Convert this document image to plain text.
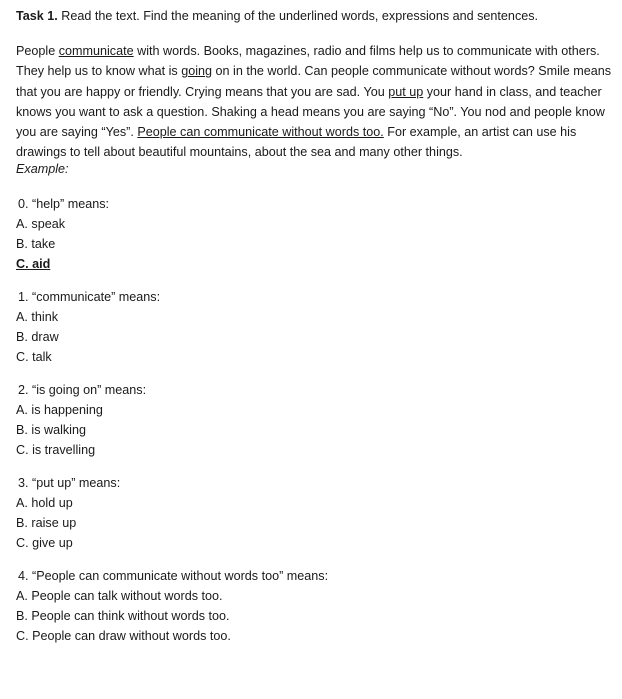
Task 1. Read the text. Find the meaning of the underlined words, expressions and sentences.
People communicate with words. Books, magazines, radio and films help us to communicate with others. They help us to know what is going on in the world. Can people communicate without words? Smile means that you are happy or friendly. Crying means that you are sad. You put up your hand in class, and teacher knows you want to ask a question. Shaking a head means you are saying “No”. You nod and people know you are saying “Yes”. People can communicate without words too. For example, an artist can use his drawings to tell about beautiful mountains, about the sea and many other things.
Example:
0. “help” means:
A. speak
B. take
C. aid
1. “communicate” means:
A. think
B. draw
C. talk
2. “is going on” means:
A. is happening
B. is walking
C. is travelling
3. “put up” means:
A. hold up
B. raise up
C. give up
4. “People can communicate without words too” means:
A. People can talk without words too.
B. People can think without words too.
C. People can draw without words too.
